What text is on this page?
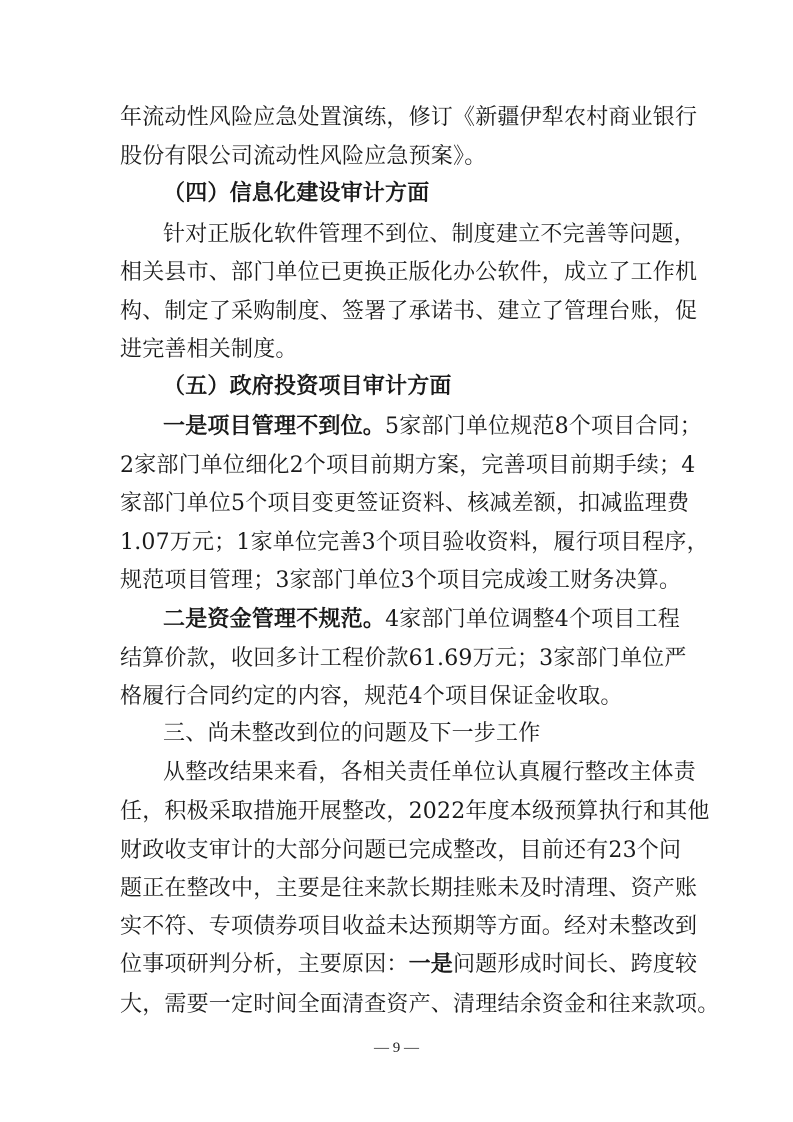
年流动性风险应急处置演练，修订《新疆伊犁农村商业银行
股份有限公司流动性风险应急预案》。
（四）信息化建设审计方面
针对正版化软件管理不到位、制度建立不完善等问题，
相关县市、部门单位已更换正版化办公软件，成立了工作机
构、制定了采购制度、签署了承诺书、建立了管理台账，促
进完善相关制度。
（五）政府投资项目审计方面
一是项目管理不到位。5家部门单位规范8个项目合同；
2家部门单位细化2个项目前期方案，完善项目前期手续；4
家部门单位5个项目变更签证资料、核减差额，扣减监理费
1.07万元；1家单位完善3个项目验收资料，履行项目程序，
规范项目管理；3家部门单位3个项目完成竣工财务决算。
二是资金管理不规范。4家部门单位调整4个项目工程
结算价款，收回多计工程价款61.69万元；3家部门单位严
格履行合同约定的内容，规范4个项目保证金收取。
三、尚未整改到位的问题及下一步工作
从整改结果来看，各相关责任单位认真履行整改主体责
任，积极采取措施开展整改，2022年度本级预算执行和其他
财政收支审计的大部分问题已完成整改，目前还有23个问
题正在整改中，主要是往来款长期挂账未及时清理、资产账
实不符、专项债券项目收益未达预期等方面。经对未整改到
位事项研判分析，主要原因：一是问题形成时间长、跨度较
大，需要一定时间全面清查资产、清理结余资金和往来款项。
— 9 —
